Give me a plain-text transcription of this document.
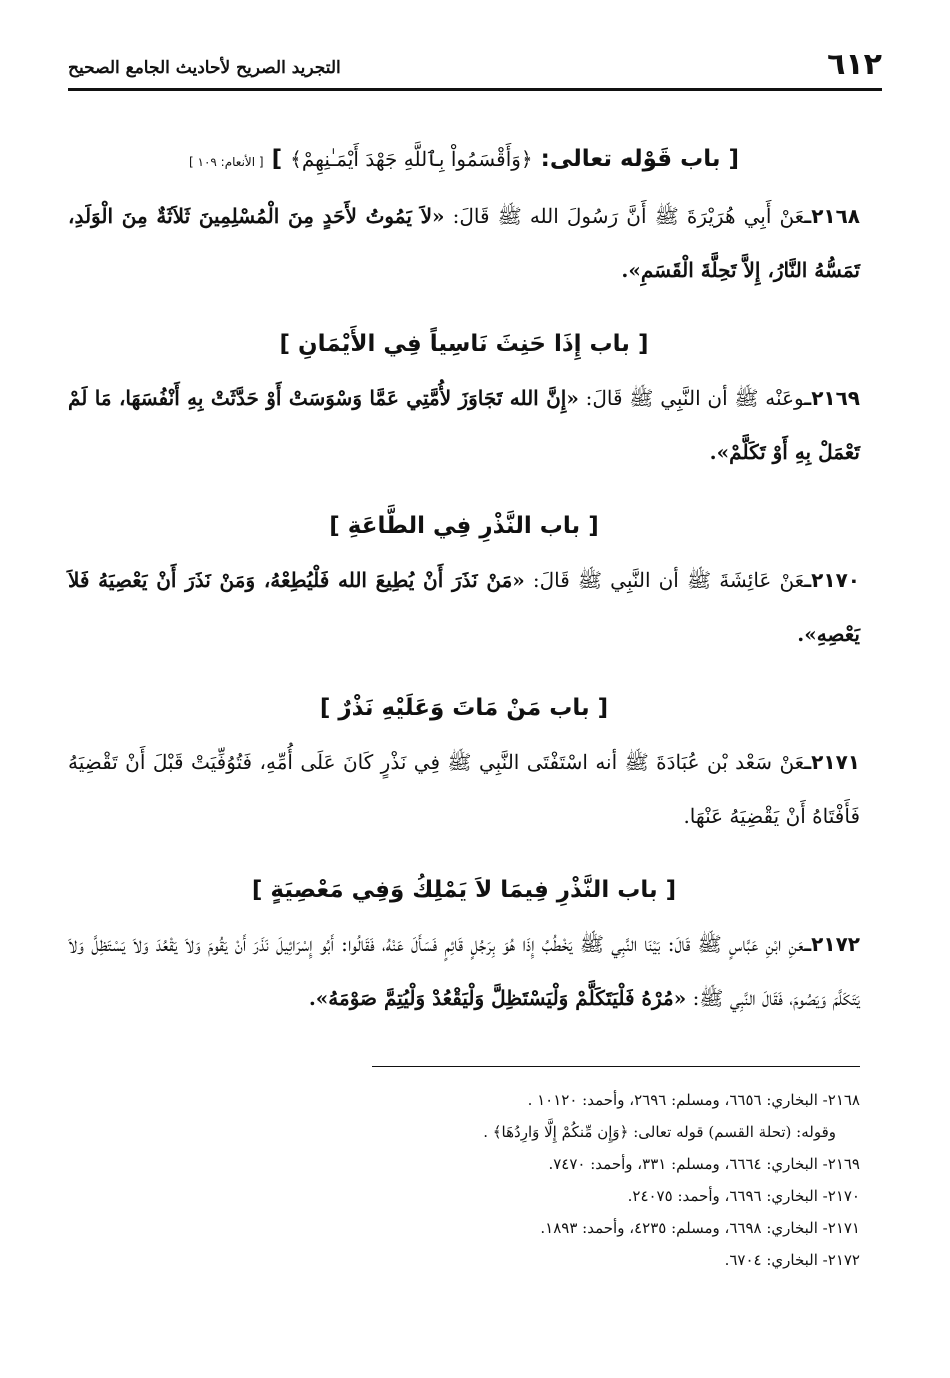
٦١٢
التجريد الصريح لأحاديث الجامع الصحيح

[ باب قَوْله تعالى: ﴿وَأَقْسَمُواْ بِٱللَّهِ جَهْدَ أَيْمَـٰنِهِمْ﴾ ] [ الأنعام: ١٠٩ ]

٢١٦٨ـعَنْ أَبِي هُرَيْرَةَ ﷺ أَنَّ رَسُولَ الله ﷺ قَالَ: «لاَ يَمُوتُ لأَحَدٍ مِنَ الْمُسْلِمِينَ ثَلاَثَةٌ مِنَ الْوَلَدِ، تَمَسُّهُ النَّارُ، إِلاَّ تَحِلَّةَ الْقَسَمِ».

[ باب إِذَا حَنِثَ نَاسِياً فِي الأَيْمَانِ ]

٢١٦٩ـوعَنْه ﷺ أن النَّبِي ﷺ قَالَ: «إِنَّ الله تَجَاوَزَ لأُمَّتِي عَمَّا وَسْوَسَتْ أَوْ حَدَّثَتْ بِهِ أَنْفُسَهَا، مَا لَمْ تَعْمَلْ بِهِ أَوْ تَكَلَّمْ».

[ باب النَّذْرِ فِي الطَّاعَةِ ]

٢١٧٠ـعَنْ عَائِشَةَ ﷺ أن النَّبِي ﷺ قَالَ: «مَنْ نَذَرَ أَنْ يُطِيعَ الله فَلْيُطِعْهُ، وَمَنْ نَذَرَ أَنْ يَعْصِيَهُ فَلاَ يَعْصِهِ».

[ باب مَنْ مَاتَ وَعَلَيْهِ نَذْرٌ ]

٢١٧١ـعَنْ سَعْد بْن عُبَادَةَ ﷺ أنه اسْتَفْتَى النَّبِي ﷺ فِي نَذْرٍ كَانَ عَلَى أُمِّهِ، فَتُوُفِّيَتْ قَبْلَ أَنْ تَقْضِيَهُ فَأَفْتَاهُ أَنْ يَقْضِيَهُ عَنْهَا.

[ باب النَّذْرِ فِيمَا لاَ يَمْلِكُ وَفِي مَعْصِيَةٍ ]

٢١٧٢ـعَنِ ابْنِ عَبَّاسٍ ﷺ قَالَ: بَيْنَا النَّبِي ﷺ يَخْطُبُ إِذَا هُوَ بِرَجُلٍ قَائِمٍ فَسَأَلَ عَنْهُ، فَقَالُوا: أَبُو إِسْرَائِيلَ نَذَرَ أَنْ يَقُومَ وَلاَ يَقْعُدَ وَلاَ يَسْتَظِلَّ وَلاَ يَتَكَلَّمَ وَيَصُومَ، فَقَالَ النَّبِي ﷺ: «مُرْهُ فَلْيَتَكَلَّمْ وَلْيَسْتَظِلَّ وَلْيَقْعُدْ وَلْيُتِمَّ صَوْمَهُ».

٢١٦٨- البخاري: ٦٦٥٦، ومسلم: ٢٦٩٦، وأحمد: ١٠١٢٠ .

وقوله: (تحلة القسم) قوله تعالى: ﴿وَإِن مِّنكُمْ إِلَّا وَارِدُهَا﴾ .

٢١٦٩- البخاري: ٦٦٦٤، ومسلم: ٣٣١، وأحمد: ٧٤٧٠.

٢١٧٠- البخاري: ٦٦٩٦، وأحمد: ٢٤٠٧٥.

٢١٧١- البخاري: ٦٦٩٨، ومسلم: ٤٢٣٥، وأحمد: ١٨٩٣.

٢١٧٢- البخاري: ٦٧٠٤.
